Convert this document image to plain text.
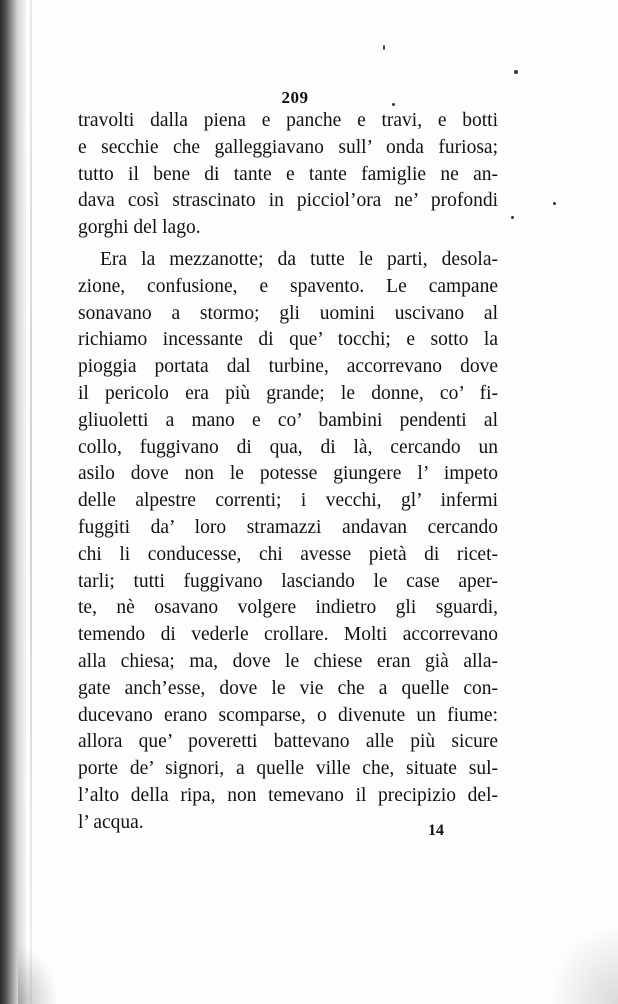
209
travolti dalla piena e panche e travi, e botti
e secchie che galleggiavano sull’ onda furiosa;
tutto il bene di tante e tante famiglie ne an-
dava così strascinato in picciol’ora ne’ profondi
gorghi del lago.
Era la mezzanotte; da tutte le parti, desola-
zione, confusione, e spavento. Le campane
sonavano a stormo; gli uomini uscivano al
richiamo incessante di que’ tocchi; e sotto la
pioggia portata dal turbine, accorrevano dove
il pericolo era più grande; le donne, co’ fi-
gliuoletti a mano e co’ bambini pendenti al
collo, fuggivano di qua, di là, cercando un
asilo dove non le potesse giungere l’ impeto
delle alpestre correnti; i vecchi, gl’ infermi
fuggiti da’ loro stramazzi andavan cercando
chi li conducesse, chi avesse pietà di ricet-
tarli; tutti fuggivano lasciando le case aper-
te, nè osavano volgere indietro gli sguardi,
temendo di vederle crollare. Molti accorrevano
alla chiesa; ma, dove le chiese eran già alla-
gate anch’esse, dove le vie che a quelle con-
ducevano erano scomparse, o divenute un fiume:
allora que’ poveretti battevano alle più sicure
porte de’ signori, a quelle ville che, situate sul-
l’alto della ripa, non temevano il precipizio del-
l’ acqua.	14
